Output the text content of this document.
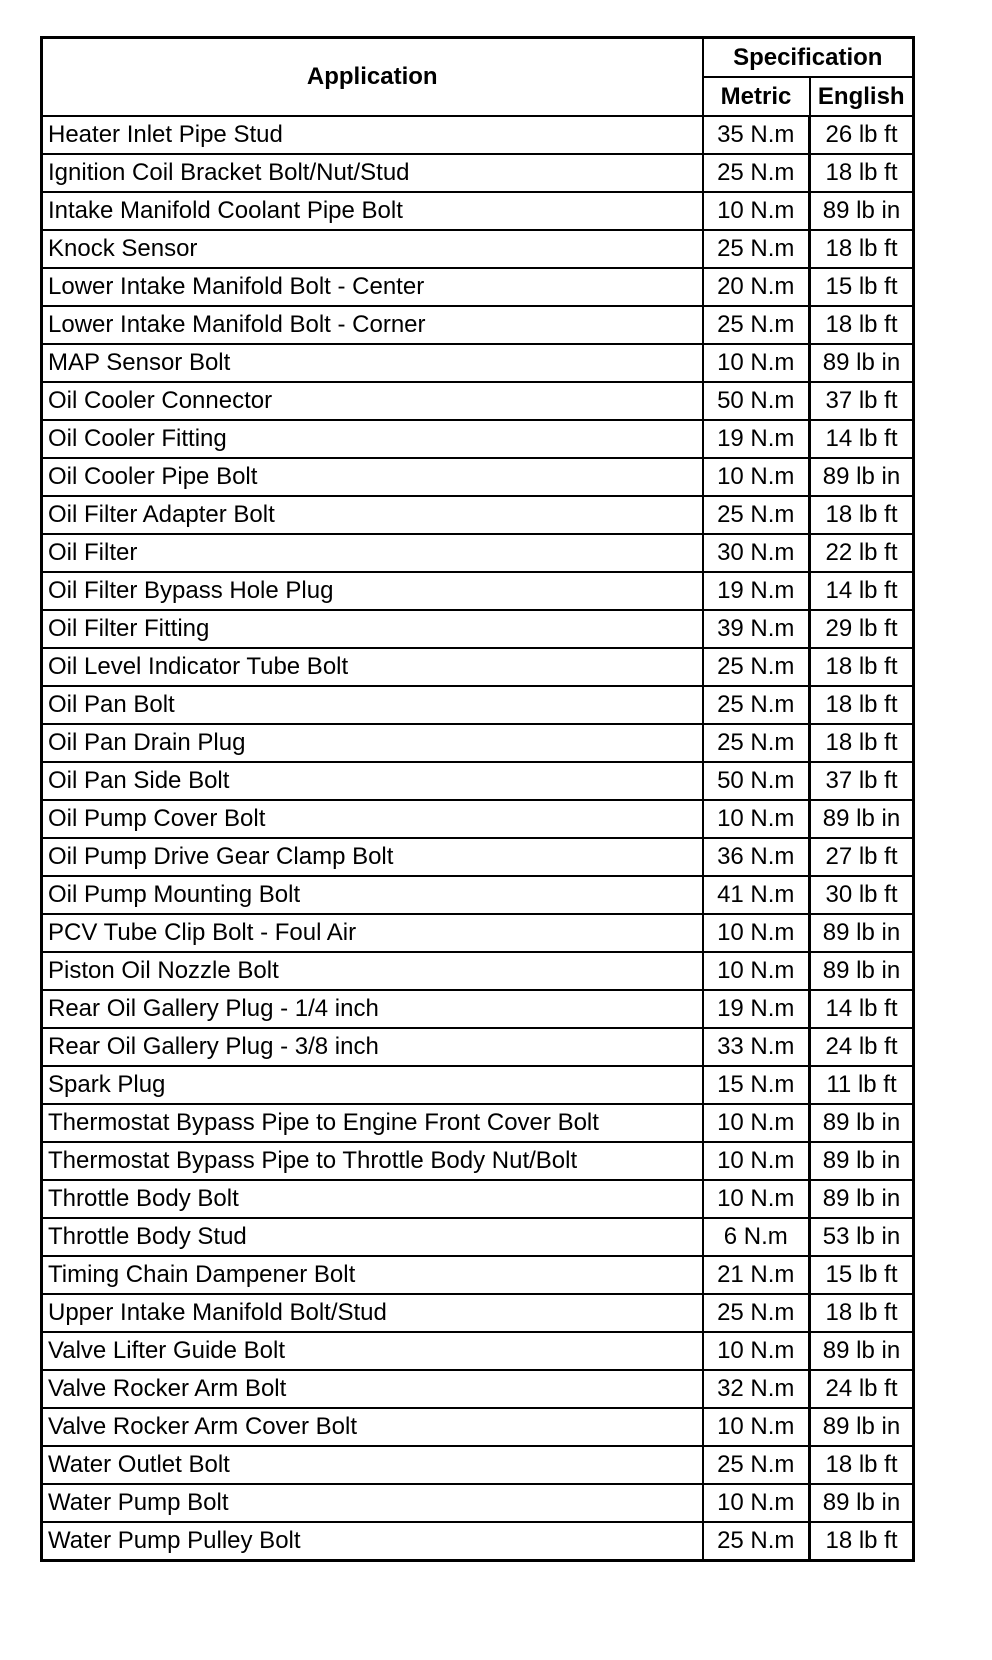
Application	Specification	
	Metric	English
Heater Inlet Pipe Stud	35 N.m	26 lb ft
Ignition Coil Bracket Bolt/Nut/Stud	25 N.m	18 lb ft
Intake Manifold Coolant Pipe Bolt	10 N.m	89 lb in
Knock Sensor	25 N.m	18 lb ft
Lower Intake Manifold Bolt - Center	20 N.m	15 lb ft
Lower Intake Manifold Bolt - Corner	25 N.m	18 lb ft
MAP Sensor Bolt	10 N.m	89 lb in
Oil Cooler Connector	50 N.m	37 lb ft
Oil Cooler Fitting	19 N.m	14 lb ft
Oil Cooler Pipe Bolt	10 N.m	89 lb in
Oil Filter Adapter Bolt	25 N.m	18 lb ft
Oil Filter	30 N.m	22 lb ft
Oil Filter Bypass Hole Plug	19 N.m	14 lb ft
Oil Filter Fitting	39 N.m	29 lb ft
Oil Level Indicator Tube Bolt	25 N.m	18 lb ft
Oil Pan Bolt	25 N.m	18 lb ft
Oil Pan Drain Plug	25 N.m	18 lb ft
Oil Pan Side Bolt	50 N.m	37 lb ft
Oil Pump Cover Bolt	10 N.m	89 lb in
Oil Pump Drive Gear Clamp Bolt	36 N.m	27 lb ft
Oil Pump Mounting Bolt	41 N.m	30 lb ft
PCV Tube Clip Bolt - Foul Air	10 N.m	89 lb in
Piston Oil Nozzle Bolt	10 N.m	89 lb in
Rear Oil Gallery Plug - 1/4 inch	19 N.m	14 lb ft
Rear Oil Gallery Plug - 3/8 inch	33 N.m	24 lb ft
Spark Plug	15 N.m	11 lb ft
Thermostat Bypass Pipe to Engine Front Cover Bolt	10 N.m	89 lb in
Thermostat Bypass Pipe to Throttle Body Nut/Bolt	10 N.m	89 lb in
Throttle Body Bolt	10 N.m	89 lb in
Throttle Body Stud	6 N.m	53 lb in
Timing Chain Dampener Bolt	21 N.m	15 lb ft
Upper Intake Manifold Bolt/Stud	25 N.m	18 lb ft
Valve Lifter Guide Bolt	10 N.m	89 lb in
Valve Rocker Arm Bolt	32 N.m	24 lb ft
Valve Rocker Arm Cover Bolt	10 N.m	89 lb in
Water Outlet Bolt	25 N.m	18 lb ft
Water Pump Bolt	10 N.m	89 lb in
Water Pump Pulley Bolt	25 N.m	18 lb ft
